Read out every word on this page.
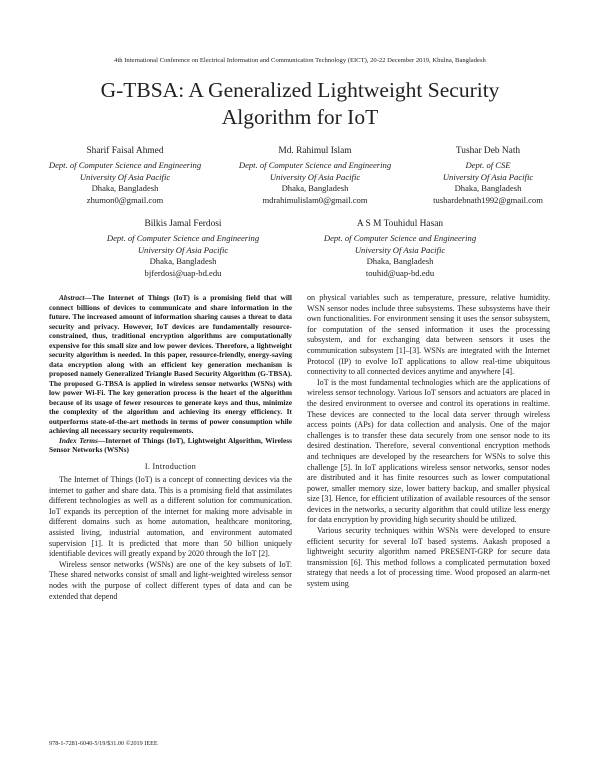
4th International Conference on Electrical Information and Communication Technology (EICT), 20-22 December 2019, Khulna, Bangladesh
G-TBSA: A Generalized Lightweight Security
Algorithm for IoT
Sharif Faisal Ahmed
Dept. of Computer Science and Engineering
University Of Asia Pacific
Dhaka, Bangladesh
zhumon0@gmail.com
Md. Rahimul Islam
Dept. of Computer Science and Engineering
University Of Asia Pacific
Dhaka, Bangladesh
mdrahimulislam0@gmail.com
Tushar Deb Nath
Dept. of CSE
University Of Asia Pacific
Dhaka, Bangladesh
tushardebnath1992@gmail.com
Bilkis Jamal Ferdosi
Dept. of Computer Science and Engineering
University Of Asia Pacific
Dhaka, Bangladesh
bjferdosi@uap-bd.edu
A S M Touhidul Hasan
Dept. of Computer Science and Engineering
University Of Asia Pacific
Dhaka, Bangladesh
touhid@uap-bd.edu

Abstract—The Internet of Things (IoT) is a promising field that will connect billions of devices to communicate and share information in the future. The increased amount of information sharing causes a threat to data security and privacy. However, IoT devices are fundamentally resource-constrained, thus, traditional encryption algorithms are computationally expensive for this small size and low power devices. Therefore, a lightweight security algorithm is needed. In this paper, resource-friendly, energy-saving data encryption along with an efficient key generation mechanism is proposed namely Generalized Triangle Based Security Algorithm (G-TBSA). The proposed G-TBSA is applied in wireless sensor networks (WSNs) with low power Wi-Fi. The key generation process is the heart of the algorithm because of its usage of fewer resources to generate keys and thus, minimize the complexity of the algorithm and achieving its energy efficiency. It outperforms state-of-the-art methods in terms of power consumption while achieving all necessary security requirements.

Index Terms—Internet of Things (IoT), Lightweight Algorithm, Wireless Sensor Networks (WSNs)

I. Introduction

The Internet of Things (IoT) is a concept of connecting devices via the internet to gather and share data. This is a promising field that assimilates different technologies as well as a different solution for communication. IoT expands its perception of the internet for making more advisable in different domains such as home automation, healthcare monitoring, assisted living, industrial automation, and environment automated supervision [1]. It is predicted that more than 50 billion uniquely identifiable devices will greatly expand by 2020 through the IoT [2].

Wireless sensor networks (WSNs) are one of the key subsets of IoT. These shared networks consist of small and light-weighted wireless sensor nodes with the purpose of collect different types of data and can be extended that depend

on physical variables such as temperature, pressure, relative humidity. WSN sensor nodes include three subsystems. These subsystems have their own functionalities. For environment sensing it uses the sensor subsystem, for computation of the sensed information it uses the processing subsystem, and for exchanging data between sensors it uses the communication subsystem [1]–[3]. WSNs are integrated with the Internet Protocol (IP) to evolve IoT applications to allow real-time ubiquitous connectivity to all connected devices anytime and anywhere [4].

IoT is the most fundamental technologies which are the applications of wireless sensor technology. Various IoT sensors and actuators are placed in the desired environment to oversee and control its operations in realtime. These devices are connected to the local data server through wireless access points (APs) for data collection and analysis. One of the major challenges is to transfer these data securely from one sensor node to its desired destination. Therefore, several conventional encryption methods and techniques are developed by the researchers for WSNs to solve this challenge [5]. In IoT applications wireless sensor networks, sensor nodes are distributed and it has finite resources such as lower computational power, smaller memory size, lower battery backup, and smaller physical size [3]. Hence, for efficient utilization of available resources of the sensor devices in the networks, a security algorithm that could utilize less energy for data encryption by providing high security should be utilized.

Various security techniques within WSNs were developed to ensure efficient security for several IoT based systems. Aakash proposed a lightweight security algorithm named PRESENT-GRP for secure data transmission [6]. This method follows a complicated permutation boxed strategy that needs a lot of processing time. Wood proposed an alarm-net system using

978-1-7281-6040-5/19/$31.00 ©2019 IEEE
